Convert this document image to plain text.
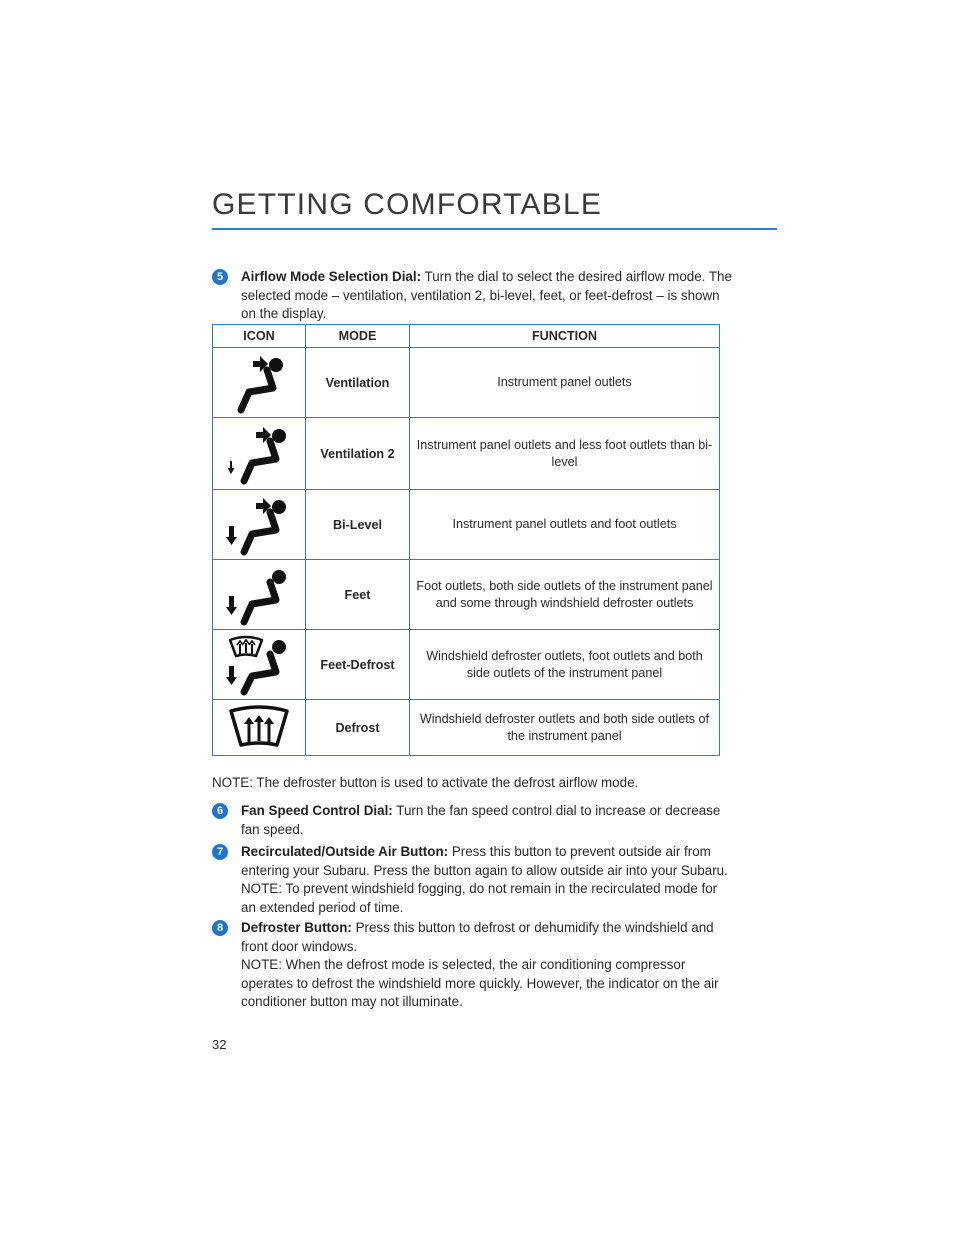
GETTING COMFORTABLE
5	Airflow Mode Selection Dial: Turn the dial to select the desired airflow mode. The selected mode – ventilation, ventilation 2, bi-level, feet, or feet-defrost – is shown on the display.
ICON	MODE	FUNCTION

	Ventilation	Instrument panel outlets

	Ventilation 2	Instrument panel outlets and less foot outlets than bi-level

	Bi-Level	Instrument panel outlets and foot outlets

	Feet	Foot outlets, both side outlets of the instrument panel and some through windshield defroster outlets

	Feet-Defrost	Windshield defroster outlets, foot outlets and both side outlets of the instrument panel

	Defrost	Windshield defroster outlets and both side outlets of the instrument panel
NOTE: The defroster button is used to activate the defrost airflow mode.
6	Fan Speed Control Dial: Turn the fan speed control dial to increase or decrease fan speed.
7	Recirculated/Outside Air Button: Press this button to prevent outside air from entering your Subaru. Press the button again to allow outside air into your Subaru.
NOTE: To prevent windshield fogging, do not remain in the recirculated mode for an extended period of time.
8	Defroster Button: Press this button to defrost or dehumidify the windshield and front door windows.
NOTE: When the defrost mode is selected, the air conditioning compressor operates to defrost the windshield more quickly. However, the indicator on the air conditioner button may not illuminate.
32
